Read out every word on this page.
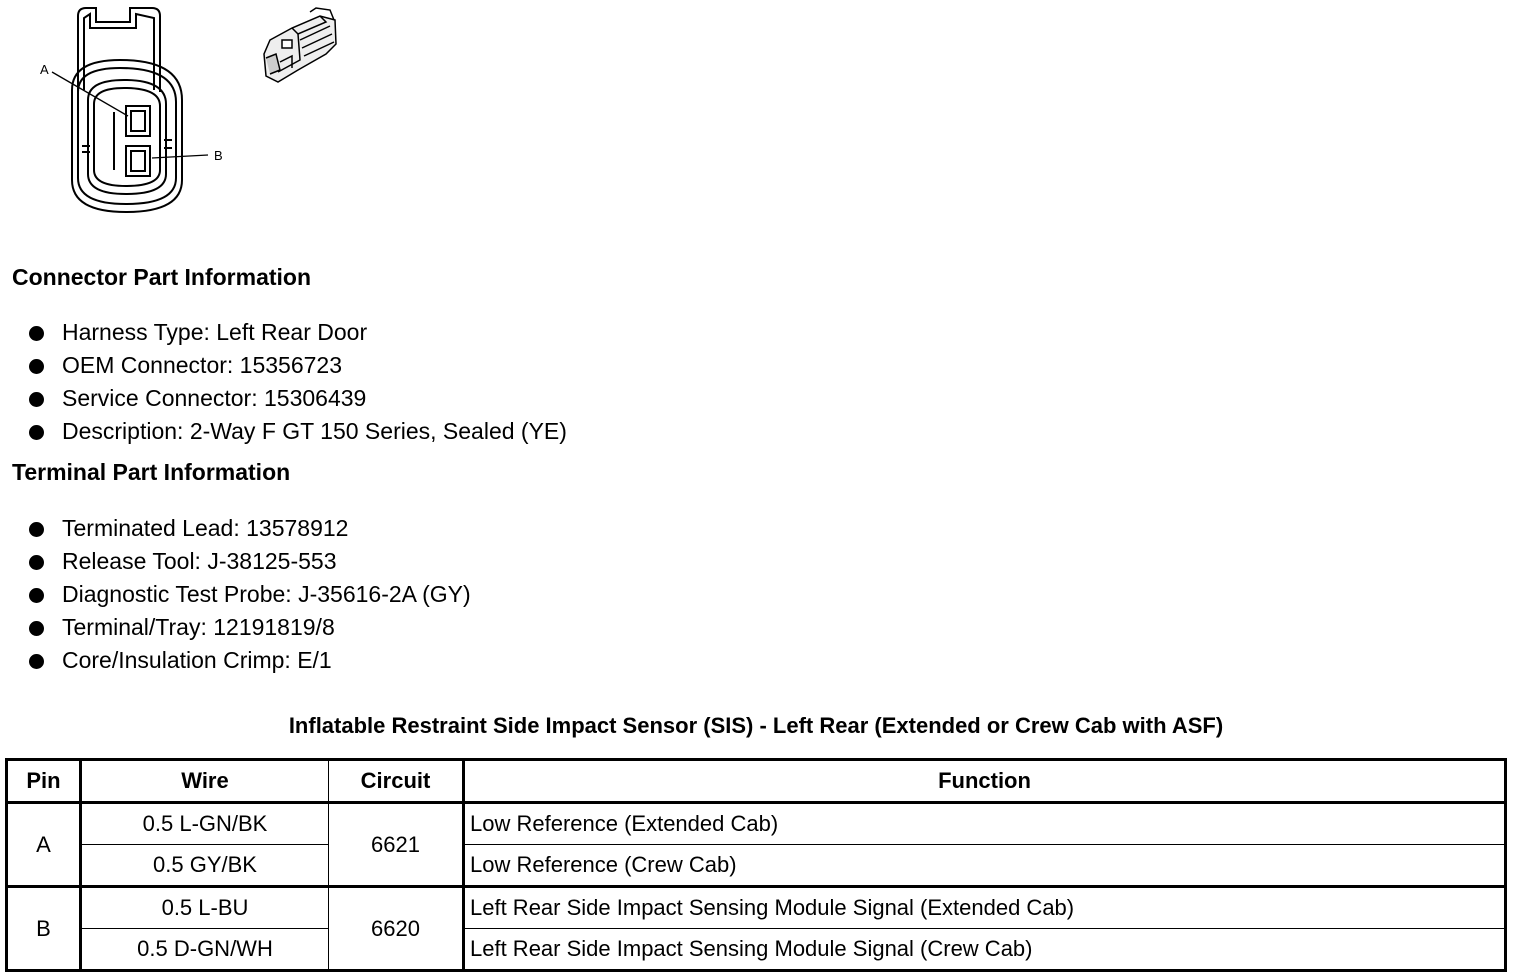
A
B
Connector Part Information
Harness Type: Left Rear Door
OEM Connector: 15356723
Service Connector: 15306439
Description: 2-Way F GT 150 Series, Sealed (YE)
Terminal Part Information
Terminated Lead: 13578912
Release Tool: J-38125-553
Diagnostic Test Probe: J-35616-2A (GY)
Terminal/Tray: 12191819/8
Core/Insulation Crimp: E/1
Inflatable Restraint Side Impact Sensor (SIS) - Left Rear (Extended or Crew Cab with ASF)
Pin	Wire	Circuit	Function
A	0.5 L-GN/BK	6621	Low Reference (Extended Cab)
	0.5 GY/BK		Low Reference (Crew Cab)
B	0.5 L-BU	6620	Left Rear Side Impact Sensing Module Signal (Extended Cab)
	0.5 D-GN/WH		Left Rear Side Impact Sensing Module Signal (Crew Cab)
